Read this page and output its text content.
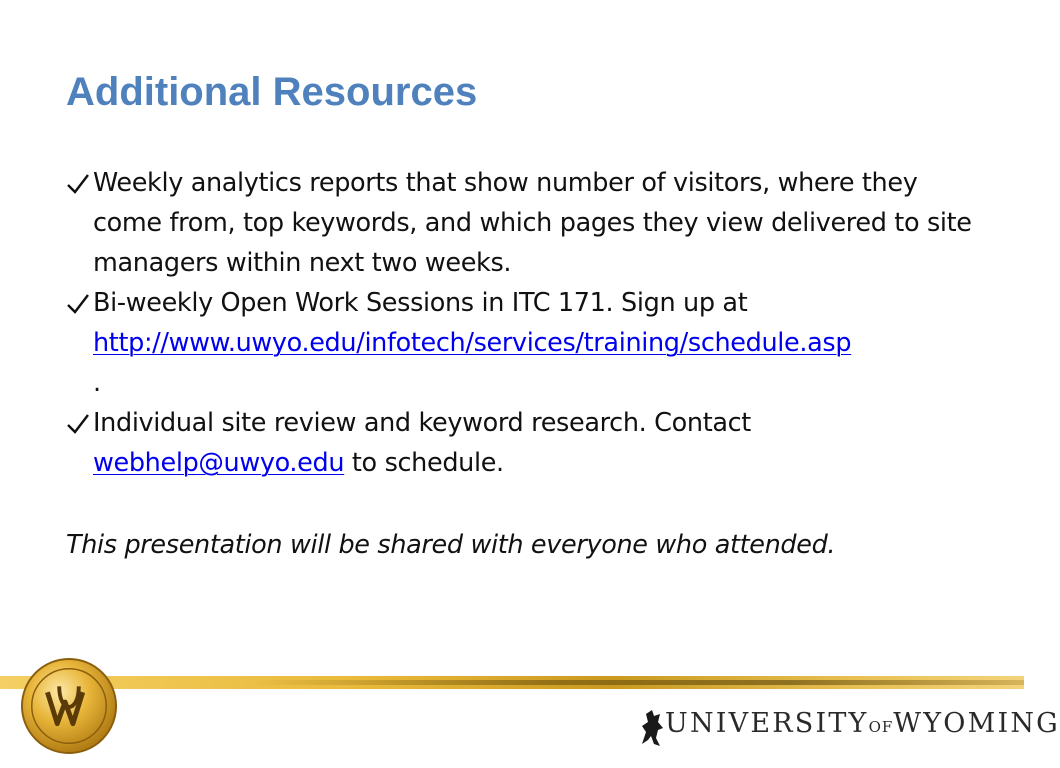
Additional Resources
Weekly analytics reports that show number of visitors, where they come from, top keywords, and which pages they view delivered to site managers within next two weeks.
Bi-weekly Open Work Sessions in ITC 171. Sign up at http://www.uwyo.edu/infotech/services/training/schedule.asp
.
Individual site review and keyword research. Contact webhelp@uwyo.edu to schedule.

This presentation will be shared with everyone who attended.

UNIVERSITYOFWYOMING
